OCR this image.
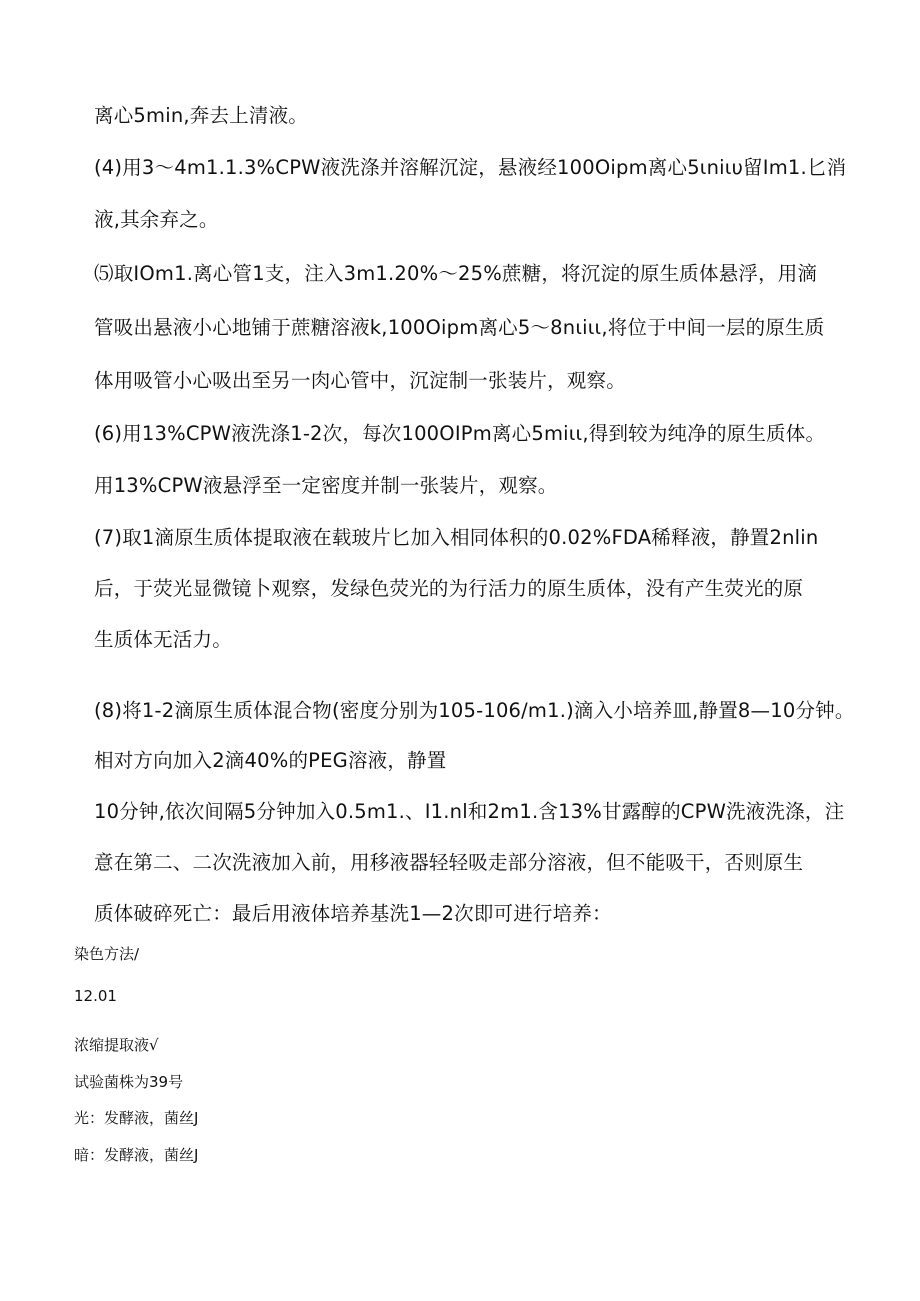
离心5min,奔去上清液。
(4)用3～4m1.1.3%CPW液洗涤并溶解沉淀，悬液经100Oipm离心5ιniιυ留Im1.匕消
液,其余弃之。
⑸取IOm1.离心管1支，注入3m1.20%～25%蔗糖，将沉淀的原生质体悬浮，用滴
管吸出悬液小心地铺于蔗糖溶液k,100Oipm离心5～8nιiιι,将位于中间一层的原生质
体用吸管小心吸出至另一肉心管中，沉淀制一张装片，观察。
(6)用13%CPW液洗涤1-2次，每次100OIPm离心5miιι,得到较为纯净的原生质体。
用13%CPW液悬浮至一定密度并制一张装片，观察。
(7)取1滴原生质体提取液在载玻片匕加入相同体积的0.02%FDA稀释液，静置2nlin
后，于荧光显微镜卜观察，发绿色荧光的为行活力的原生质体，没有产生荧光的原
生质体无活力。
(8)将1-2滴原生质体混合物(密度分别为105-106/m1.)滴入小培养皿,静置8—10分钟。
相对方向加入2滴40%的PEG溶液，静置
10分钟,依次间隔5分钟加入0.5m1.、I1.nl和2m1.含13%甘露醇的CPW洗液洗涤，注
意在第二、二次洗液加入前，用移液器轻轻吸走部分溶液，但不能吸干，否则原生
质体破碎死亡：最后用液体培养基洗1—2次即可进行培养：
染色方法∕
12.01
浓缩提取液√
试验菌株为39号
光：发酵液，菌丝J
暗：发酵液，菌丝J
